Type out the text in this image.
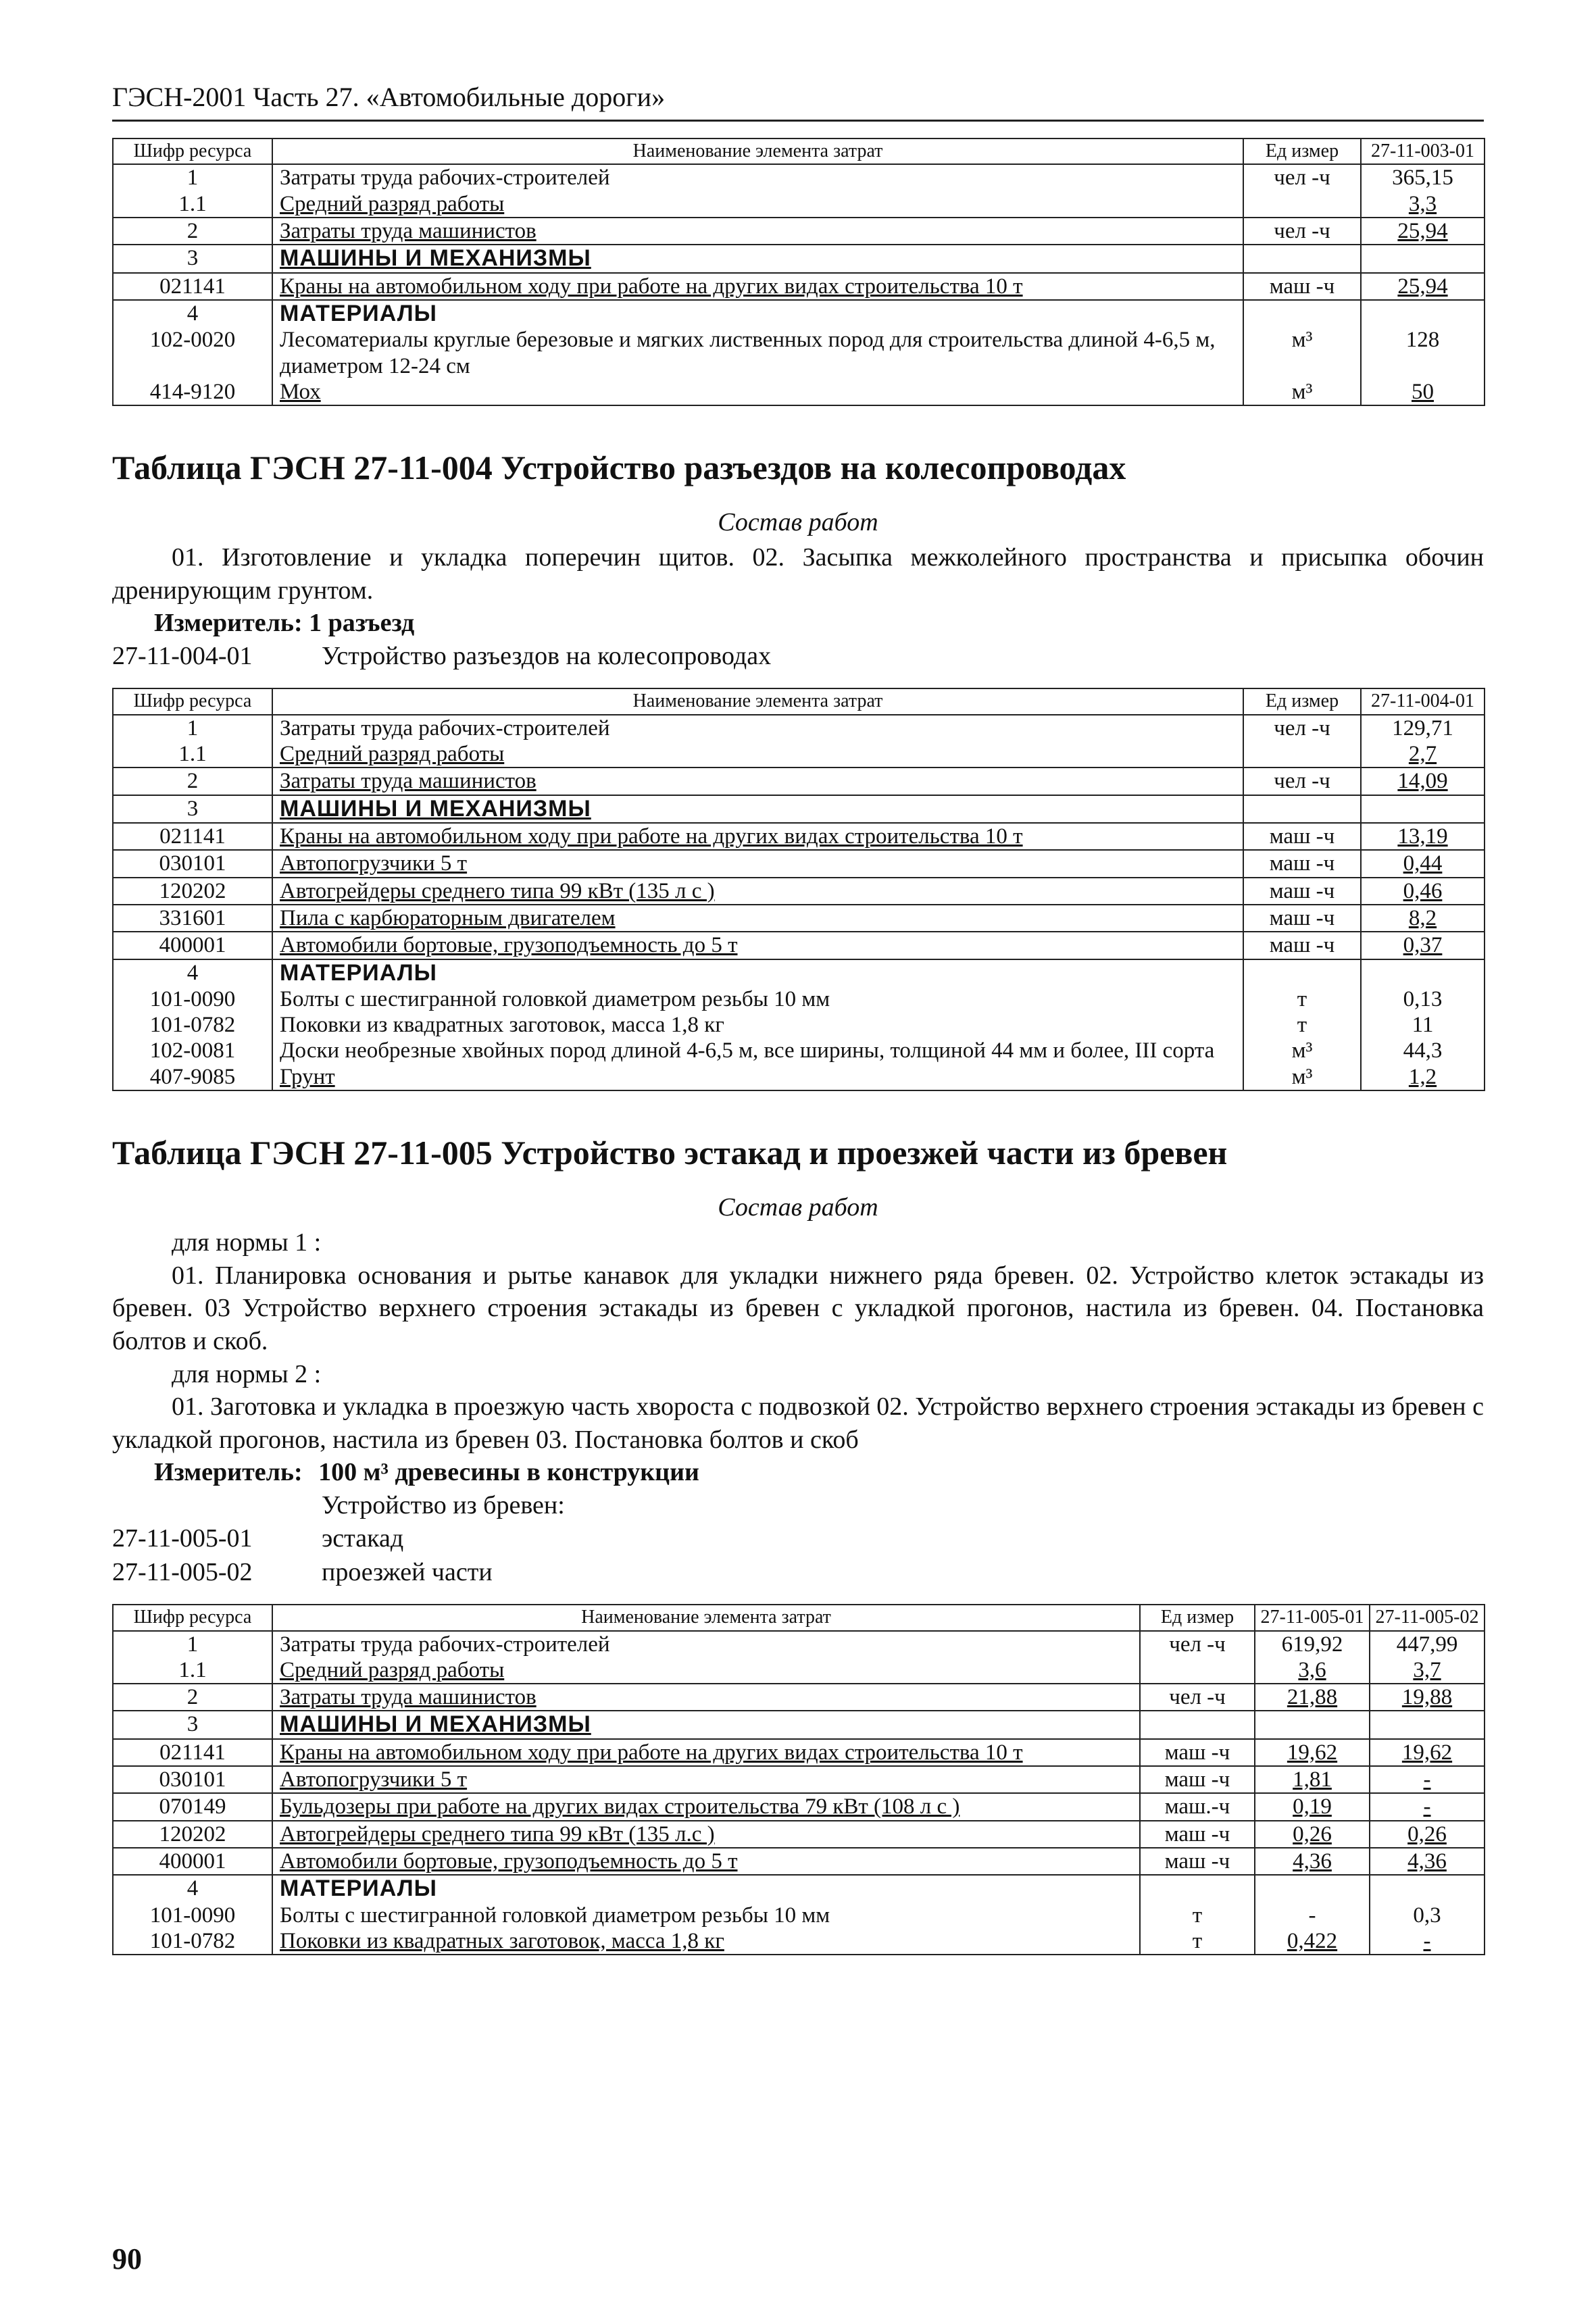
ГЭСН-2001 Часть 27. «Автомобильные дороги»
Шифр ресурса	Наименование элемента затрат	Ед измер	27-11-003-01
1	Затраты труда рабочих-строителей	чел -ч	365,15
1.1	Средний разряд работы		3,3
2	Затраты труда машинистов	чел -ч	25,94
3	МАШИНЫ И МЕХАНИЗМЫ		
021141	Краны на автомобильном ходу при работе на других видах строительства 10 т	маш -ч	25,94
4	МАТЕРИАЛЫ		
102-0020	Лесоматериалы круглые березовые и мягких лиственных пород для строительства длиной 4-6,5 м, диаметром 12-24 см	м³	128
414-9120	Мох	м³	50
Таблица ГЭСН 27-11-004 Устройство разъездов на колесопроводах
Состав работ

01. Изготовление и укладка поперечин щитов. 02. Засыпка межколейного пространства и присыпка обочин дренирующим грунтом.

Измеритель: 1 разъезд
27-11-004-01	Устройство разъездов на колесопроводах
Шифр ресурса	Наименование элемента затрат	Ед измер	27-11-004-01
1	Затраты труда рабочих-строителей	чел -ч	129,71
1.1	Средний разряд работы		2,7
2	Затраты труда машинистов	чел -ч	14,09
3	МАШИНЫ И МЕХАНИЗМЫ		
021141	Краны на автомобильном ходу при работе на других видах строительства 10 т	маш -ч	13,19
030101	Автопогрузчики 5 т	маш -ч	0,44
120202	Автогрейдеры среднего типа 99 кВт (135 л с )	маш -ч	0,46
331601	Пила с карбюраторным двигателем	маш -ч	8,2
400001	Автомобили бортовые, грузоподъемность до 5 т	маш -ч	0,37
4	МАТЕРИАЛЫ		
101-0090	Болты с шестигранной головкой диаметром резьбы 10 мм	т	0,13
101-0782	Поковки из квадратных заготовок, масса 1,8 кг	т	11
102-0081	Доски необрезные хвойных пород длиной 4-6,5 м, все ширины, толщиной 44 мм и более, III сорта	м³	44,3
407-9085	Грунт	м³	1,2
Таблица ГЭСН 27-11-005 Устройство эстакад и проезжей части из бревен
Состав работ

для нормы 1 :

01. Планировка основания и рытье канавок для укладки нижнего ряда бревен. 02. Устройство клеток эстакады из бревен. 03 Устройство верхнего строения эстакады из бревен с укладкой прогонов, настила из бревен. 04. Постановка болтов и скоб.

для нормы 2 :

01. Заготовка и укладка в проезжую часть хвороста с подвозкой 02. Устройство верхнего строения эстакады из бревен с укладкой прогонов, настила из бревен 03. Постановка болтов и скоб

Измеритель: 100 м³ древесины в конструкции
Устройство из бревен:
27-11-005-01	эстакад
27-11-005-02	проезжей части
Шифр ресурса	Наименование элемента затрат	Ед измер	27-11-005-01	27-11-005-02
1	Затраты труда рабочих-строителей	чел -ч	619,92	447,99
1.1	Средний разряд работы		3,6	3,7
2	Затраты труда машинистов	чел -ч	21,88	19,88
3	МАШИНЫ И МЕХАНИЗМЫ			
021141	Краны на автомобильном ходу при работе на других видах строительства 10 т	маш -ч	19,62	19,62
030101	Автопогрузчики 5 т	маш -ч	1,81	-
070149	Бульдозеры при работе на других видах строительства 79 кВт (108 л с )	маш.-ч	0,19	-
120202	Автогрейдеры среднего типа 99 кВт (135 л.с )	маш -ч	0,26	0,26
400001	Автомобили бортовые, грузоподъемность до 5 т	маш -ч	4,36	4,36
4	МАТЕРИАЛЫ			
101-0090	Болты с шестигранной головкой диаметром резьбы 10 мм	т	-	0,3
101-0782	Поковки из квадратных заготовок, масса 1,8 кг	т	0,422	-
90
